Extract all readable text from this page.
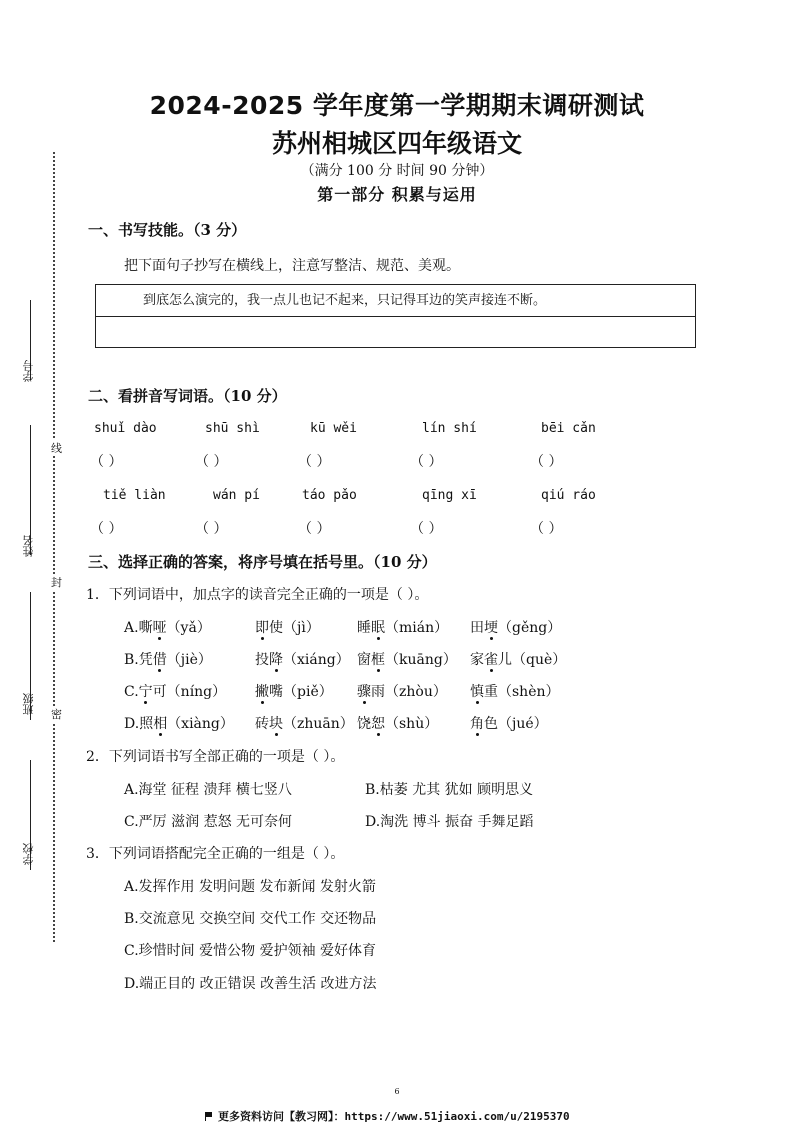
2024-2025 学年度第一学期期末调研测试
苏州相城区四年级语文
（满分 100 分 时间 90 分钟）
第一部分 积累与运用
学号
姓名
班级
学校
线
封
密
一、书写技能。（3 分）
把下面句子抄写在横线上，注意写整洁、规范、美观。
到底怎么演完的，我一点儿也记不起来，只记得耳边的笑声接连不断。
二、看拼音写词语。（10 分）
shuǐ dào	shū shì	kū wěi	lín shí	bēi cǎn
（ ）	（ ）	（ ）	（ ）	（ ）
tiě liàn	wán pí	táo pǎo	qīng xī	qiú ráo
（ ）	（ ）	（ ）	（ ）	（ ）
三、选择正确的答案，将序号填在括号里。（10 分）
1．下列词语中，加点字的读音完全正确的一项是（ ）。
A.嘶哑（yǎ）	即使（jì）	睡眠（mián） 田埂（gěng）
B.凭借（jiè）	投降（xiáng） 窗框（kuāng） 家雀儿（què）
C.宁可（níng） 撇嘴（piě） 骤雨（zhòu） 慎重（shèn）
D.照相（xiàng） 砖块（zhuān） 饶恕（shù） 角色（jué）
2．下列词语书写全部正确的一项是（ ）。
A.海堂 征程 溃拜 横七竖八	B.枯萎 尤其 犹如 顾明思义
C.严厉 滋润 惹怒 无可奈何	D.淘洗 博斗 振奋 手舞足蹈
3．下列词语搭配完全正确的一组是（ ）。
A.发挥作用 发明问题 发布新闻 发射火箭
B.交流意见 交换空间 交代工作 交还物品
C.珍惜时间 爱惜公物 爱护领袖 爱好体育
D.端正目的 改正错误 改善生活 改进方法
6
更多资料访问【教习网】：https://www.51jiaoxi.com/u/2195370
